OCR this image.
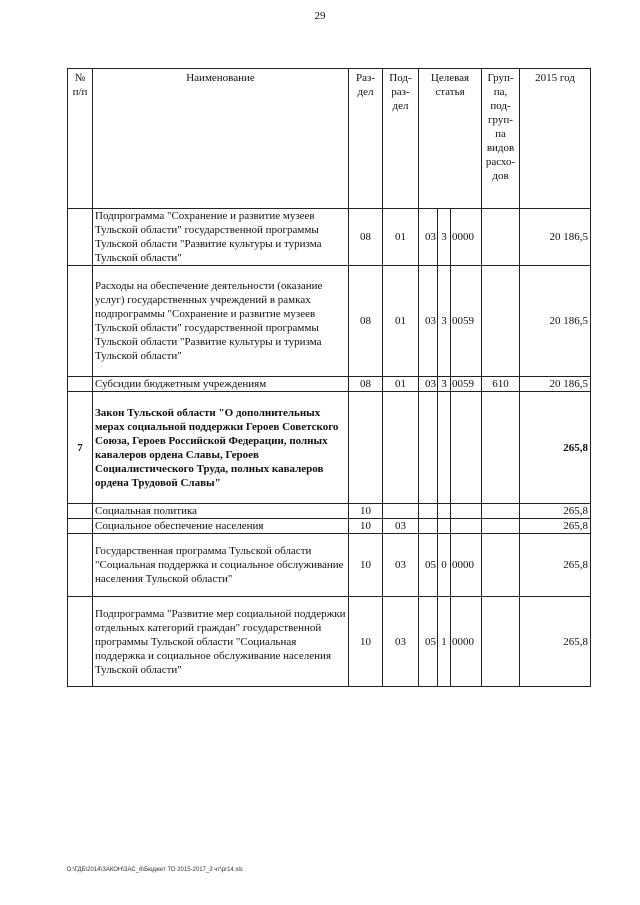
29
№ п/п	Наименование	Раз- дел	Под- раз- дел	Целевая статья			Груп- па, под- груп- па видов расхо- дов	2015 год
	Подпрограмма "Сохранение и развитие музеев Тульской области" государственной программы Тульской области "Развитие культуры и туризма Тульской области"	08	01	03	3	0000		20 186,5
	Расходы на обеспечение деятельности (оказание услуг) государственных учреждений в рамках подпрограммы "Сохранение и развитие музеев Тульской области" государственной программы Тульской области "Развитие культуры и туризма Тульской области"	08	01	03	3	0059		20 186,5
	Субсидии бюджетным учреждениям	08	01	03	3	0059	610	20 186,5
7	Закон Тульской области "О дополнительных мерах социальной поддержки Героев Советского Союза, Героев Российской Федерации, полных кавалеров ордена Славы, Героев Социалистического Труда, полных кавалеров ордена Трудовой Славы"							265,8
	Социальная политика	10						265,8
	Социальное обеспечение населения	10	03					265,8
	Государственная программа Тульской области "Социальная поддержка и социальное обслуживание населения Тульской области"	10	03	05	0	0000		265,8
	Подпрограмма "Развитие мер социальной поддержки отдельных категорий граждан" государственной программы Тульской области "Социальная поддержка и социальное обслуживание населения Тульской области"	10	03	05	1	0000		265,8
D:\ГДБ\2014\ЗАКОН\ЗАС_6\Бюджет ТО 2015-2017_3 чт\pr14.xls
